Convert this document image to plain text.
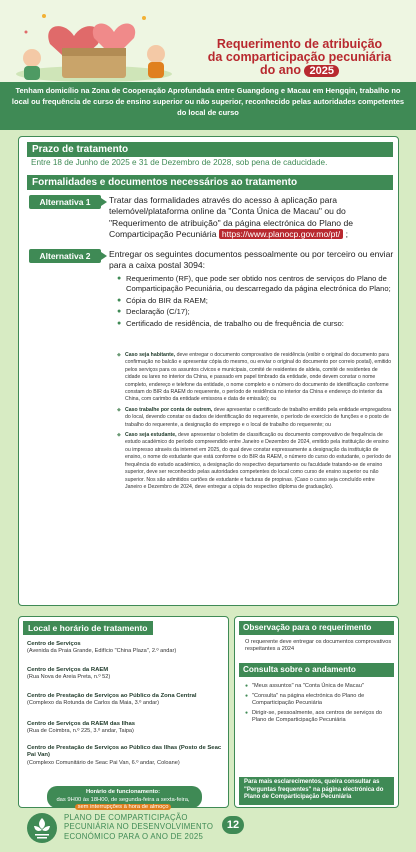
Requerimento de atribuição
da comparticipação pecuniária
do ano 2025
Tenham domicílio na Zona de Cooperação Aprofundada entre Guangdong e Macau em Hengqin, trabalho no local ou frequência de curso de ensino superior ou não superior, reconhecido pelas autoridades competentes do local de curso
Prazo de tratamento
Entre 18 de Junho de 2025 e 31 de Dezembro de 2028, sob pena de caducidade.
Formalidades e documentos necessários ao tratamento
Alternativa 1	Tratar das formalidades através do acesso à aplicação para telemóvel/plataforma online da "Conta Única de Macau" ou do "Requerimento de atribuição" da página electrónica do Plano de Comparticipação Pecuniária https://www.planocp.gov.mo/pt/ ;
Alternativa 2	Entregar os seguintes documentos pessoalmente ou por terceiro ou enviar para a caixa postal 3094:
● Requerimento (RF), que pode ser obtido nos centros de serviços do Plano de Comparticipação Pecuniária, ou descarregado da página electrónica do Plano;
● Cópia do BIR da RAEM;
● Declaração (C/17);
● Certificado de residência, de trabalho ou de frequência de curso:
◆ Caso seja habitante, deve entregar o documento comprovativo de residência (exibir o original do documento para confirmação no balcão e apresentar cópia do mesmo, ou enviar o original do documento por correio postal), emitido pelos serviços para os assuntos cívicos e municipais, comité de residentes de aldeia, comité de residentes de cidade ou lares no interior da China, e passado em papel timbrado da entidade, onde devem constar o nome completo, endereço e telefone da entidade, o nome completo e o número do documento de identificação conforme constam do BIR da RAEM do requerente, o período de residência no interior da China e endereço do interior da China, com carimbo da entidade emissora e data de emissão); ou
◆ Caso trabalhe por conta de outrem, deve apresentar o certificado de trabalho emitido pela entidade empregadora do local, devendo constar os dados de identificação do requerente, o período de exercício de funções e o posto de trabalho do requerente, a designação do emprego e o local de trabalho do requerente; ou
◆ Caso seja estudante, deve apresentar o boletim de classificação ou documento comprovativo de frequência de estudo académico do período compreendido entre Janeiro e Dezembro de 2024, emitido pela instituição de ensino ou impresso através da internet em 2025, do qual deve constar expressamente a designação da instituição de ensino, o nome do estudante que está conforme o do BIR da RAEM, o número do curso do estudante, o período de frequência do estudo académico, a designação do respectivo departamento ou faculdade tratando-se de ensino superior, deve ser reconhecido pelas autoridades competentes do local como curso de ensino superior ou não superior. Nos são admitidos cartões de estudante e facturas de propinas. (Caso o curso seja concluído entre Janeiro e Dezembro de 2024, deve entregar a cópia do respectivo diploma de graduação).
Local e horário de tratamento
Centro de Serviços
(Avenida da Praia Grande, Edifício "China Plaza", 2.º andar)
Centro de Serviços da RAEM
(Rua Nova de Areia Preta, n.º 52)
Centro de Prestação de Serviços ao Público da Zona Central
(Complexo da Rotunda de Carlos da Maia, 3.º andar)
Centro de Serviços da RAEM das Ilhas
(Rua de Coimbra, n.º 225, 3.º andar, Taipa)
Centro de Prestação de Serviços ao Público das Ilhas (Posto de Seac Pai Van)
(Complexo Comunitário de Seac Pai Van, 6.º andar, Coloane)
Horário de funcionamento:
das 9H00 às 18H00, de segunda-feira a sexta-feira,
sem interrupções à hora de almoço
Observação para o requerimento
O requerente deve entregar os documentos comprovativos respeitantes a 2024
Consulta sobre o andamento
● "Meus assuntos" na "Conta Única de Macau"
● "Consulta" na página electrónica do Plano de Comparticipação Pecuniária
● Dirigir-se, pessoalmente, aos centros de serviços do Plano de Comparticipação Pecuniária
Para mais esclarecimentos, queira consultar as "Perguntas frequentes" na página electrónica do Plano de Comparticipação Pecuniária
PLANO DE COMPARTICIPAÇÃO
PECUNIÁRIA NO DESENVOLVIMENTO
ECONÓMICO PARA O ANO DE 2025
12
